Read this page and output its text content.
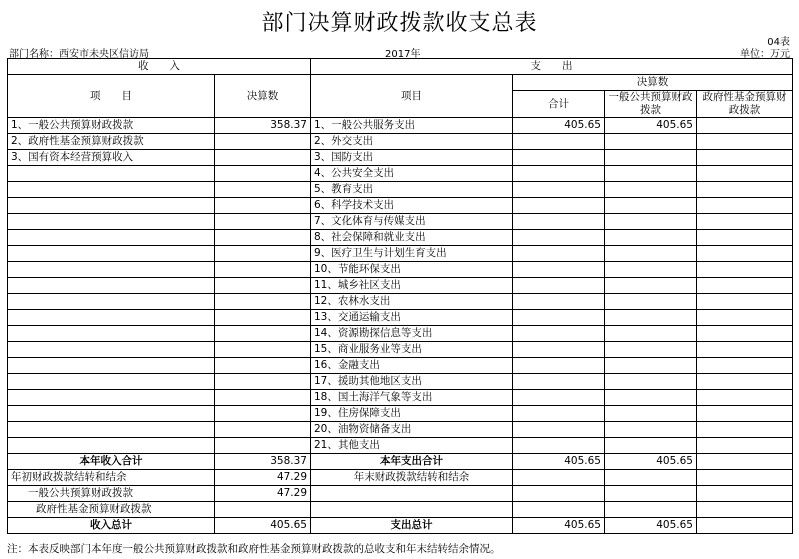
部门决算财政拨款收支总表
04表
部门名称：西安市未央区信访局	2017年	单位：万元
收　　入		支　　出			
项　　目	决算数	项目	决算数		
			合计	一般公共预算财政拨款	政府性基金预算财政拨款

1、一般公共预算财政拨款	358.37	1、一般公共服务支出	405.65	405.65	
2、政府性基金预算财政拨款		2、外交支出			
3、国有资本经营预算收入		3、国防支出			
		4、公共安全支出			
		5、教育支出			
		6、科学技术支出			
		7、文化体育与传媒支出			
		8、社会保障和就业支出			
		9、医疗卫生与计划生育支出			
		10、节能环保支出			
		11、城乡社区支出			
		12、农林水支出			
		13、交通运输支出			
		14、资源勘探信息等支出			
		15、商业服务业等支出			
		16、金融支出			
		17、援助其他地区支出			
		18、国土海洋气象等支出			
		19、住房保障支出			
		20、油物资储备支出			
		21、其他支出			
本年收入合计	358.37	本年支出合计	405.65	405.65	
年初财政拨款结转和结余	47.29	年末财政拨款结转和结余			
一般公共预算财政拨款	47.29				
政府性基金预算财政拨款					
收入总计	405.65	支出总计	405.65	405.65	
注：本表反映部门本年度一般公共预算财政拨款和政府性基金预算财政拨款的总收支和年末结转结余情况。
